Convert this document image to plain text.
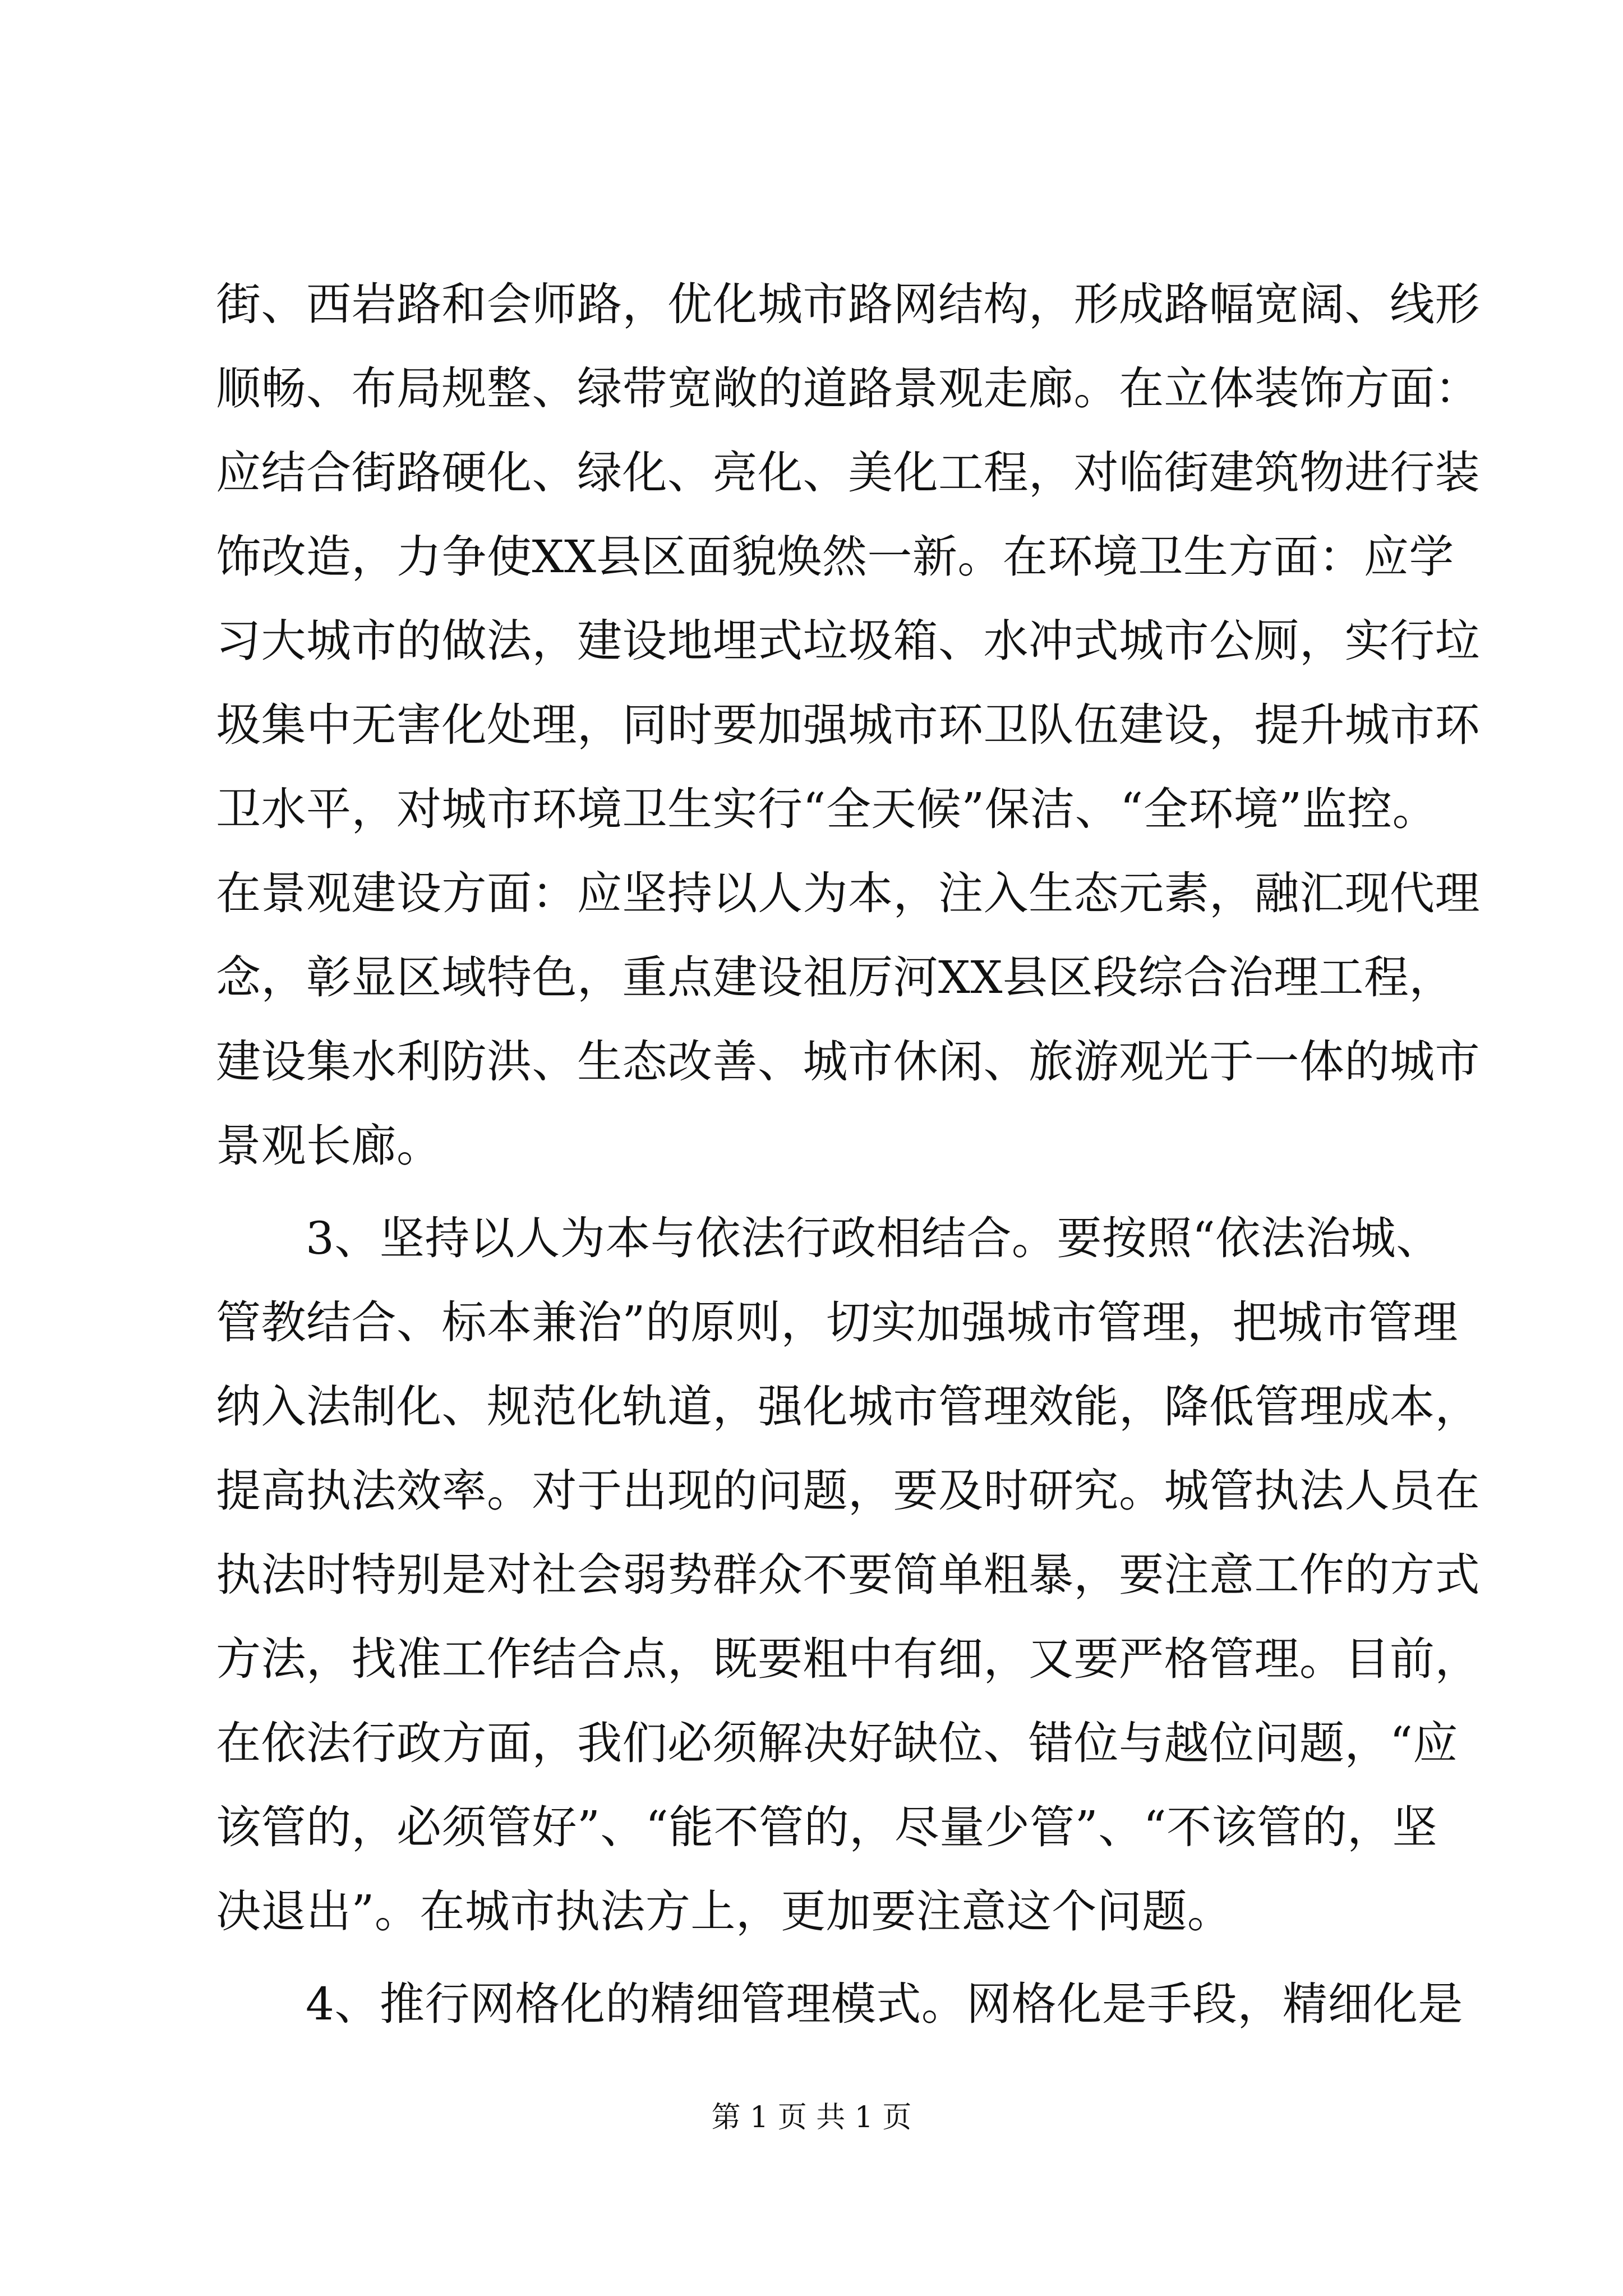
街、西岩路和会师路，优化城市路网结构，形成路幅宽阔、线形
顺畅、布局规整、绿带宽敞的道路景观走廊。在立体装饰方面：
应结合街路硬化、绿化、亮化、美化工程，对临街建筑物进行装
饰改造，力争使XX县区面貌焕然一新。在环境卫生方面：应学
习大城市的做法，建设地埋式垃圾箱、水冲式城市公厕，实行垃
圾集中无害化处理，同时要加强城市环卫队伍建设，提升城市环
卫水平，对城市环境卫生实行“全天候”保洁、“全环境”监控。
在景观建设方面：应坚持以人为本，注入生态元素，融汇现代理
念，彰显区域特色，重点建设祖厉河XX县区段综合治理工程，
建设集水利防洪、生态改善、城市休闲、旅游观光于一体的城市
景观长廊。
3、坚持以人为本与依法行政相结合。要按照“依法治城、
管教结合、标本兼治”的原则，切实加强城市管理，把城市管理
纳入法制化、规范化轨道，强化城市管理效能，降低管理成本，
提高执法效率。对于出现的问题，要及时研究。城管执法人员在
执法时特别是对社会弱势群众不要简单粗暴，要注意工作的方式
方法，找准工作结合点，既要粗中有细，又要严格管理。目前，
在依法行政方面，我们必须解决好缺位、错位与越位问题，“应
该管的，必须管好”、“能不管的，尽量少管”、“不该管的，坚
决退出”。在城市执法方上，更加要注意这个问题。
4、推行网格化的精细管理模式。网格化是手段，精细化是
第 1 页 共 1 页
